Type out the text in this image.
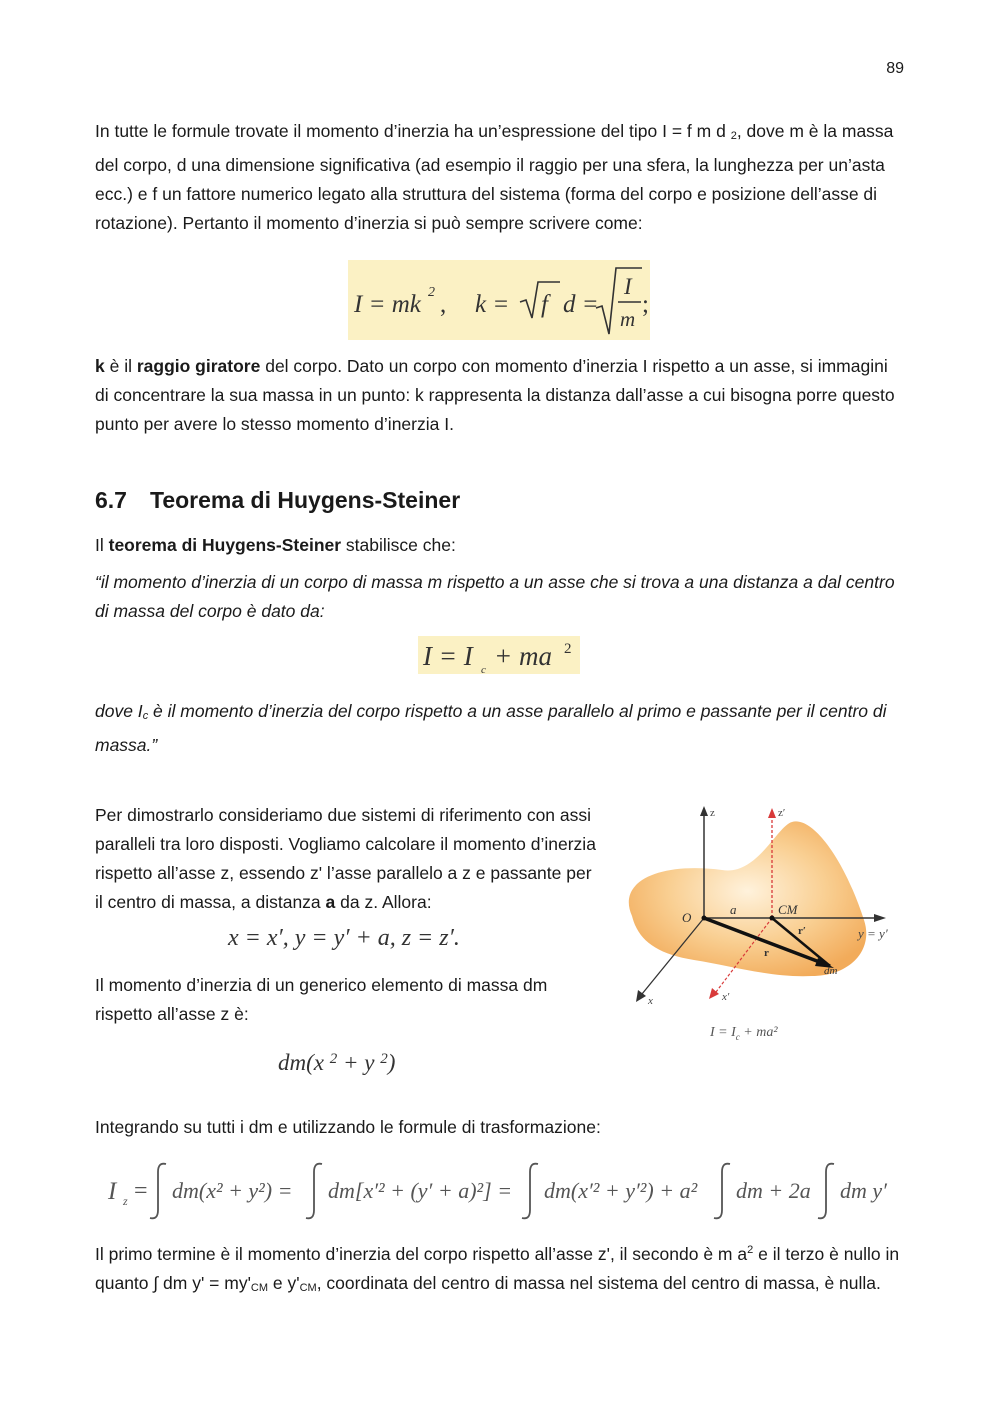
89

In tutte le formule trovate il momento d’inerzia ha un’espressione del tipo I = f m d $_2$, dove m è la massa del corpo, d una dimensione significativa (ad esempio il raggio per una sfera, la lunghezza per un’asta ecc.) e f un fattore numerico legato alla struttura del sistema (forma del corpo e posizione dell’asse di rotazione). Pertanto il momento d’inerzia si può sempre scrivere come:

I = mk 2 , k = f d =
I
m
;

k è il raggio giratore del corpo. Dato un corpo con momento d’inerzia I rispetto a un asse, si immagini di concentrare la sua massa in un punto: k rappresenta la distanza dall’asse a cui bisogna porre questo punto per avere lo stesso momento d’inerzia I.

6.7 Teorema di Huygens-Steiner

Il teorema di Huygens-Steiner stabilisce che:

“il momento d’inerzia di un corpo di massa m rispetto a un asse che si trova a una distanza a dal centro di massa del corpo è dato da:

I = I c + ma 2

dove $I_c$ è il momento d’inerzia del corpo rispetto a un asse parallelo al primo e passante per il centro di massa.”

Per dimostrarlo consideriamo due sistemi di riferimento con assi paralleli tra loro disposti. Vogliamo calcolare il momento d’inerzia rispetto all’asse z, essendo z' l’asse parallelo a z e passante per il centro di massa, a distanza a da z. Allora:

x = x′, y = y′ + a, z = z′.

Il momento d’inerzia di un generico elemento di massa dm rispetto all’asse z è:

dm(x $^2$ + y $^2$)

Integrando su tutti i dm e utilizzando le formule di trasformazione:

I z = dm(x² + y²) = dm[x′² + (y′ + a)²] = dm(x′² + y′²) + a² dm + 2a dm y′

Il primo termine è il momento d’inerzia del corpo rispetto all’asse z', il secondo è m $a^2$ e il terzo è nullo in quanto ∫ dm $y' = my'_{CM}$ e $y'_{CM}$, coordinata del centro di massa nel sistema del centro di massa, è nulla.

z
y = y′
x
z′
x′
O
a	CM
r′
r
dm
$I = I_c + ma^2$
